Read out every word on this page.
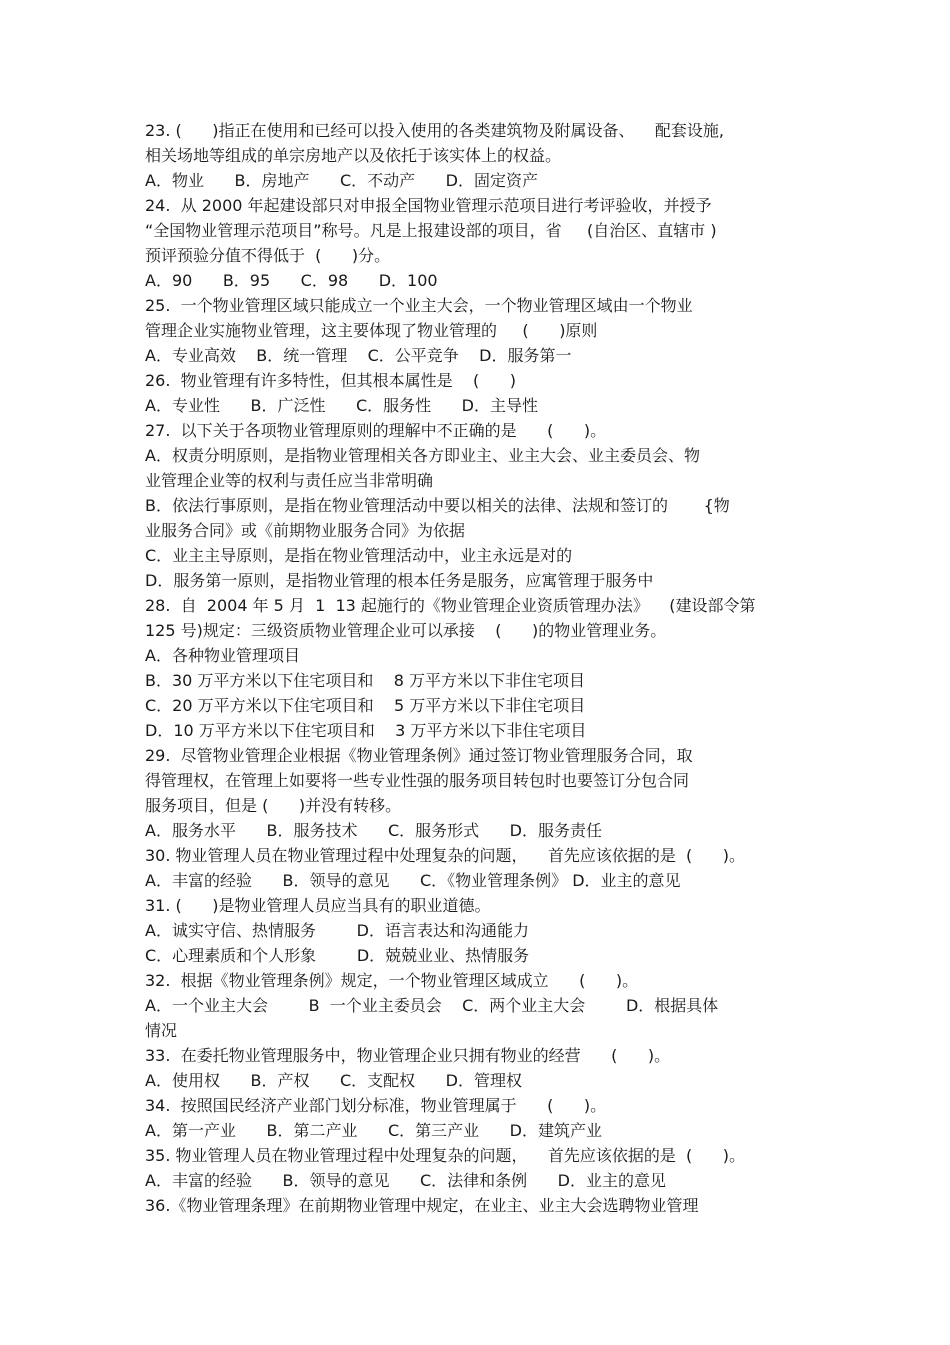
23. (      )指正在使用和已经可以投入使用的各类建筑物及附属设备、    配套设施,
相关场地等组成的单宗房地产以及依托于该实体上的权益。
A．物业      B．房地产      C．不动产      D．固定资产
24.  从 2000 年起建设部只对申报全国物业管理示范项目进行考评验收，并授予
“全国物业管理示范项目”称号。凡是上报建设部的项目，省     (自治区、直辖市 )
预评预验分值不得低于  (      )分。
A．90      B．95      C．98      D．100
25.  一个物业管理区域只能成立一个业主大会，一个物业管理区域由一个物业
管理企业实施物业管理，这主要体现了物业管理的     (      )原则
A．专业高效    B．统一管理    C．公平竞争    D．服务第一
26.  物业管理有许多特性，但其根本属性是    (      )
A．专业性      B．广泛性      C．服务性      D．主导性
27.  以下关于各项物业管理原则的理解中不正确的是      (      )。
A．权责分明原则，是指物业管理相关各方即业主、业主大会、业主委员会、物
业管理企业等的权利与责任应当非常明确
B．依法行事原则，是指在物业管理活动中要以相关的法律、法规和签订的       {物
业服务合同》或《前期物业服务合同》为依据
C．业主主导原则，是指在物业管理活动中，业主永远是对的
D．服务第一原则，是指物业管理的根本任务是服务，应寓管理于服务中
28.  自  2004 年 5 月  1  13 起施行的《物业管理企业资质管理办法》    (建设部令第
125 号)规定：三级资质物业管理企业可以承接    (      )的物业管理业务。
A．各种物业管理项目
B．30 万平方米以下住宅项目和    8 万平方米以下非住宅项目
C．20 万平方米以下住宅项目和    5 万平方米以下非住宅项目
D．10 万平方米以下住宅项目和    3 万平方米以下非住宅项目
29.  尽管物业管理企业根据《物业管理条例》通过签订物业管理服务合同，取
得管理权，在管理上如要将一些专业性强的服务项目转包时也要签订分包合同
服务项目，但是 (      )并没有转移。
A．服务水平      B．服务技术      C．服务形式      D．服务责任
30. 物业管理人员在物业管理过程中处理复杂的问题，    首先应该依据的是  (      )。
A．丰富的经验      B．领导的意见      C．《物业管理条例》 D．业主的意见
31. (      )是物业管理人员应当具有的职业道德。
A．诚实守信、热情服务        D．语言表达和沟通能力
C．心理素质和个人形象        D．兢兢业业、热情服务
32.  根据《物业管理条例》规定，一个物业管理区域成立      (      )。
A．一个业主大会        B  一个业主委员会    C．两个业主大会        D．根据具体
情况
33.  在委托物业管理服务中，物业管理企业只拥有物业的经营      (      )。
A．使用权      B．产权      C．支配权      D．管理权
34.  按照国民经济产业部门划分标准，物业管理属于      (      )。
A．第一产业      B．第二产业      C．第三产业      D．建筑产业
35. 物业管理人员在物业管理过程中处理复杂的问题，    首先应该依据的是  (      )。
A．丰富的经验      B．领导的意见      C．法律和条例      D．业主的意见
36.《物业管理条理》在前期物业管理中规定，在业主、业主大会选聘物业管理
